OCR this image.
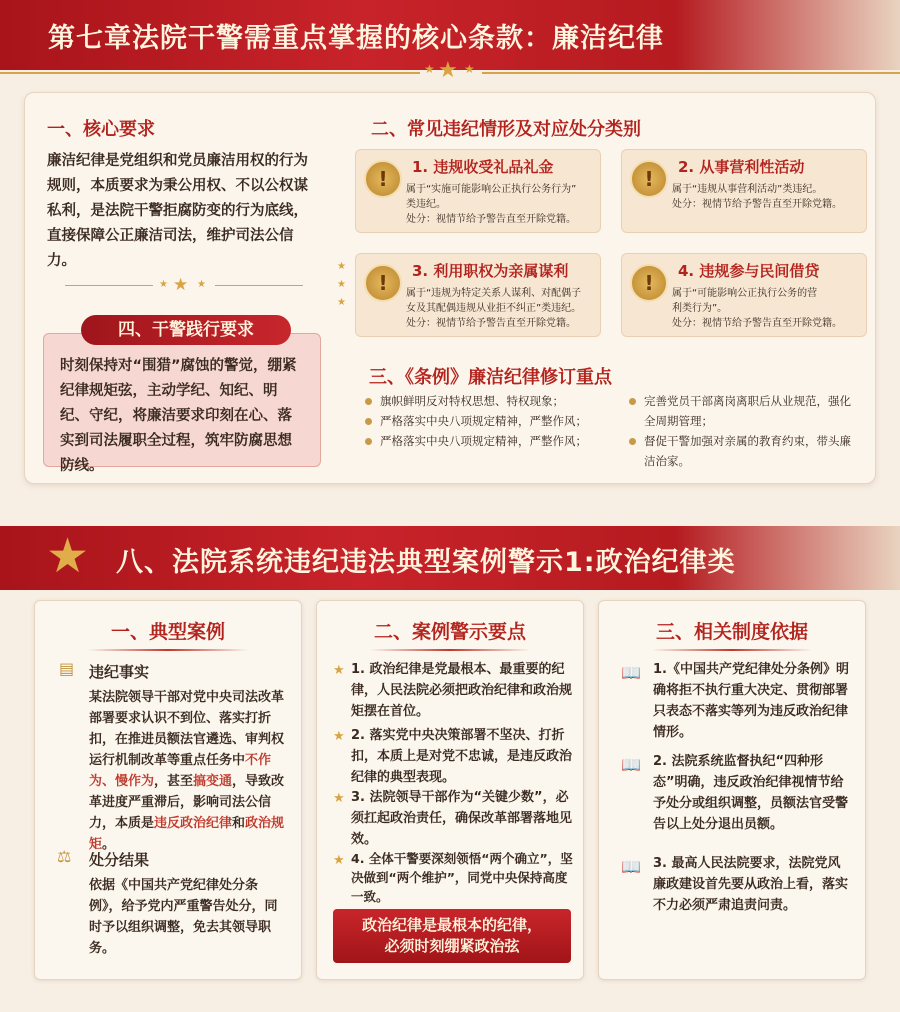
第七章法院干警需重点掌握的核心条款：廉洁纪律
★ ★ ★
一、核心要求
廉洁纪律是党组织和党员廉洁用权的行为规则，本质要求为秉公用权、不以公权谋私利，是法院干警拒腐防变的行为底线，直接保障公正廉洁司法，维护司法公信力。
★ ★ ★
时刻保持对“围猎”腐蚀的警觉，绷紧纪律规矩弦，主动学纪、知纪、明纪、守纪，将廉洁要求印刻在心、落实到司法履职全过程，筑牢防腐思想防线。
四、干警践行要求
★
★
★
二、常见违纪情形及对应处分类别
!	1. 违规收受礼品礼金
属于“实施可能影响公正执行公务行为”
类违纪。
处分：视情节给予警告直至开除党籍。
!	2. 从事营利性活动
属于“违规从事营利活动”类违纪。
处分：视情节给予警告直至开除党籍。
!	3. 利用职权为亲属谋利
属于“违规为特定关系人谋利、对配偶子
女及其配偶违规从业拒不纠正”类违纪。
处分：视情节给予警告直至开除党籍。
!	4. 违规参与民间借贷
属于“可能影响公正执行公务的营
利类行为”。
处分：视情节给予警告直至开除党籍。
三、《条例》廉洁纪律修订重点
旗帜鲜明反对特权思想、特权现象；
严格落实中央八项规定精神，严整作风；
严格落实中央八项规定精神，严整作风；
完善党员干部离岗离职后从业规范，强化全周期管理；
督促干警加强对亲属的教育约束，带头廉洁治家。
★ 八、法院系统违纪违法典型案例警示1:政治纪律类
一、典型案例
▤ 违纪事实
某法院领导干部对党中央司法改革部署要求认识不到位、落实打折扣，在推进员额法官遴选、审判权运行机制改革等重点任务中不作为、慢作为，甚至搞变通，导致改革进度严重滞后，影响司法公信力，本质是违反政治纪律和政治规矩。
⚖ 处分结果
依据《中国共产党纪律处分条例》，给予党内严重警告处分，同时予以组织调整，免去其领导职务。
二、案例警示要点
★ 1. 政治纪律是党最根本、最重要的纪律，人民法院必须把政治纪律和政治规矩摆在首位。
★ 2. 落实党中央决策部署不坚决、打折扣，本质上是对党不忠诚，是违反政治纪律的典型表现。
★ 3. 法院领导干部作为“关键少数”，必须扛起政治责任，确保改革部署落地见效。
★ 4. 全体干警要深刻领悟“两个确立”，坚决做到“两个维护”，同党中央保持高度一致。
政治纪律是最根本的纪律，
必须时刻绷紧政治弦
三、相关制度依据
📖 1.《中国共产党纪律处分条例》明确将拒不执行重大决定、贯彻部署只表态不落实等列为违反政治纪律情形。
📖 2. 法院系统监督执纪“四种形态”明确，违反政治纪律视情节给予处分或组织调整，员额法官受警告以上处分退出员额。
📖 3. 最高人民法院要求，法院党风廉政建设首先要从政治上看，落实不力必须严肃追责问责。
